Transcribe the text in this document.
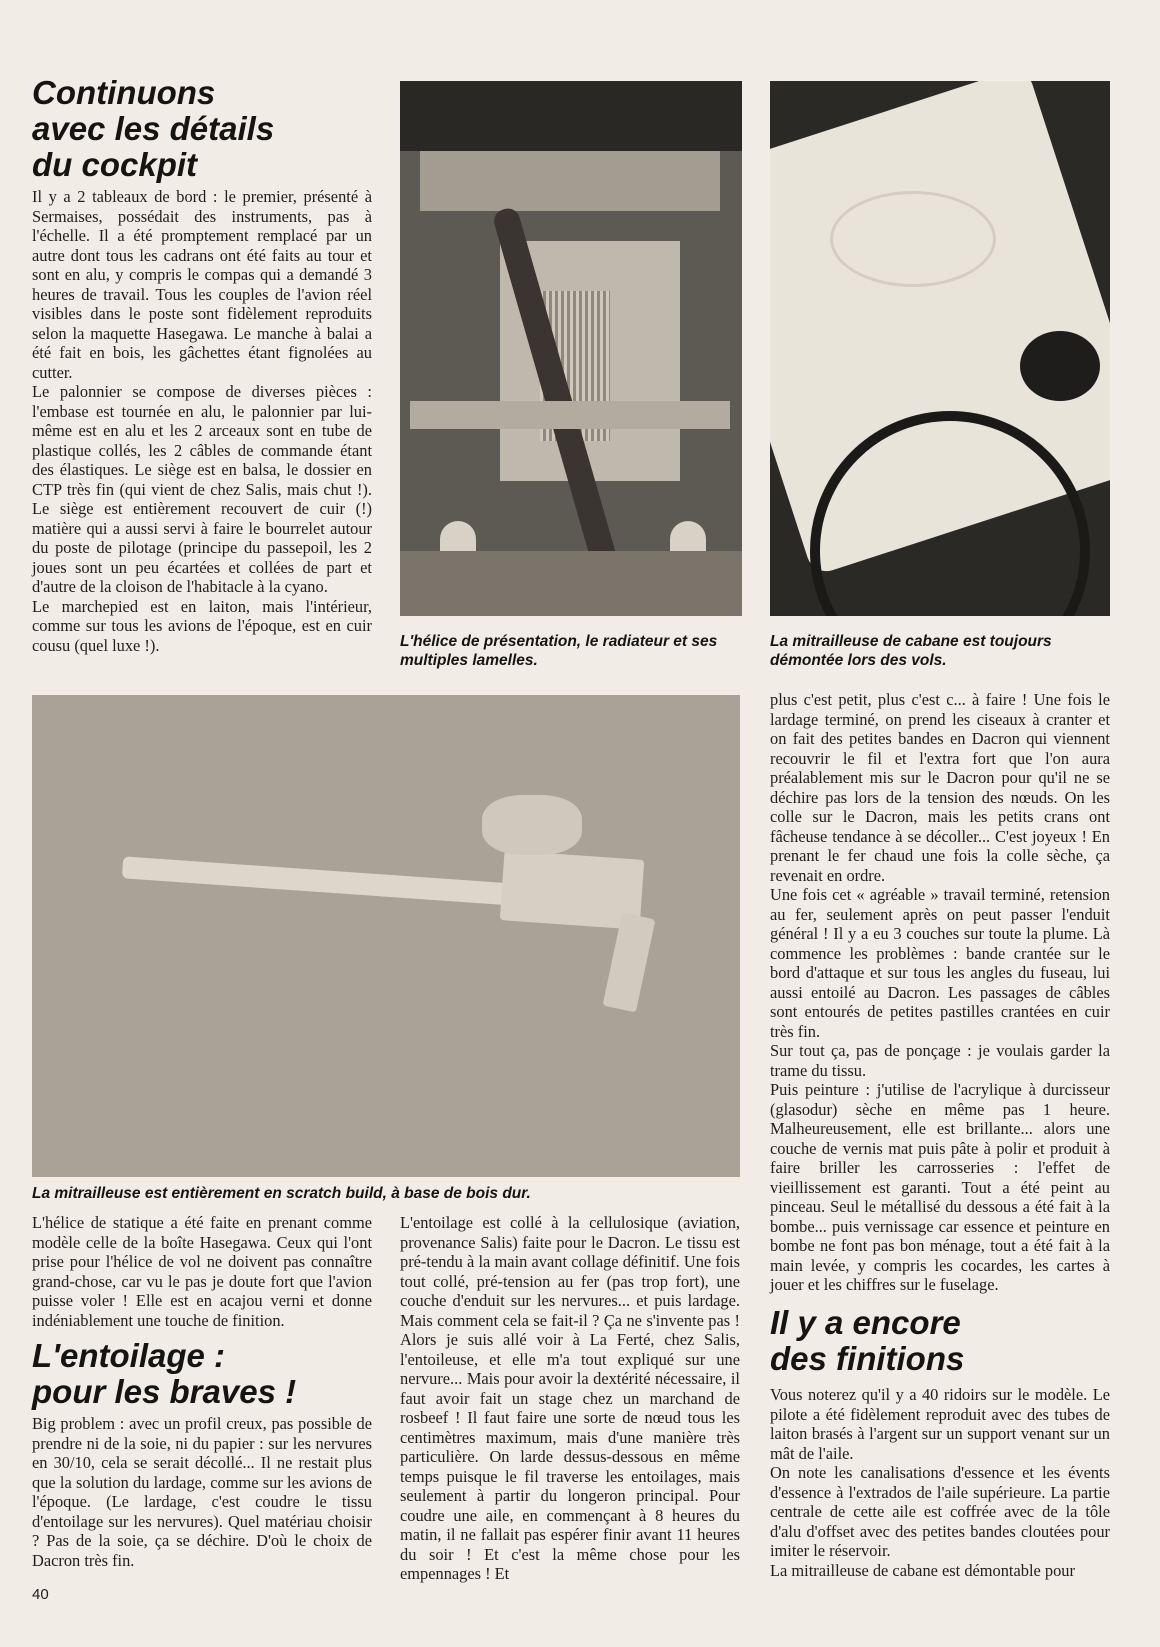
Continuons
avec les détails
du cockpit

Il y a 2 tableaux de bord : le premier, présenté à Sermaises, possédait des instruments, pas à l'échelle. Il a été promptement remplacé par un autre dont tous les cadrans ont été faits au tour et sont en alu, y compris le compas qui a demandé 3 heures de travail. Tous les couples de l'avion réel visibles dans le poste sont fidèlement reproduits selon la maquette Hasegawa. Le manche à balai a été fait en bois, les gâchettes étant fignolées au cutter.

Le palonnier se compose de diverses pièces : l'embase est tournée en alu, le palonnier par lui-même est en alu et les 2 arceaux sont en tube de plastique collés, les 2 câbles de commande étant des élastiques. Le siège est en balsa, le dossier en CTP très fin (qui vient de chez Salis, mais chut !). Le siège est entièrement recouvert de cuir (!) matière qui a aussi servi à faire le bourrelet autour du poste de pilotage (principe du passepoil, les 2 joues sont un peu écartées et collées de part et d'autre de la cloison de l'habitacle à la cyano.

Le marchepied est en laiton, mais l'intérieur, comme sur tous les avions de l'époque, est en cuir cousu (quel luxe !).	L'hélice de présentation, le radiateur et ses multiples lamelles.

La mitrailleuse de cabane est toujours démontée lors des vols.

La mitrailleuse est entièrement en scratch build, à base de bois dur.

plus c'est petit, plus c'est c... à faire ! Une fois le lardage terminé, on prend les ciseaux à cranter et on fait des petites bandes en Dacron qui viennent recouvrir le fil et l'extra fort que l'on aura préalablement mis sur le Dacron pour qu'il ne se déchire pas lors de la tension des nœuds. On les colle sur le Dacron, mais les petits crans ont fâcheuse tendance à se décoller... C'est joyeux ! En prenant le fer chaud une fois la colle sèche, ça revenait en ordre.

Une fois cet « agréable » travail terminé, retension au fer, seulement après on peut passer l'enduit général ! Il y a eu 3 couches sur toute la plume. Là commence les problèmes : bande crantée sur le bord d'attaque et sur tous les angles du fuseau, lui aussi entoilé au Dacron. Les passages de câbles sont entourés de petites pastilles crantées en cuir très fin.

Sur tout ça, pas de ponçage : je voulais garder la trame du tissu.

Puis peinture : j'utilise de l'acrylique à durcisseur (glasodur) sèche en même pas 1 heure. Malheureusement, elle est brillante... alors une couche de vernis mat puis pâte à polir et produit à faire briller les carrosseries : l'effet de vieillissement est garanti. Tout a été peint au pinceau. Seul le métallisé du dessous a été fait à la bombe... puis vernissage car essence et peinture en bombe ne font pas bon ménage, tout a été fait à la main levée, y compris les cocardes, les cartes à jouer et les chiffres sur le fuselage.

L'hélice de statique a été faite en prenant comme modèle celle de la boîte Hasegawa. Ceux qui l'ont prise pour l'hélice de vol ne doivent pas connaître grand-chose, car vu le pas je doute fort que l'avion puisse voler ! Elle est en acajou verni et donne indéniablement une touche de finition.

L'entoilage :
pour les braves !

Big problem : avec un profil creux, pas possible de prendre ni de la soie, ni du papier : sur les nervures en 30/10, cela se serait décollé... Il ne restait plus que la solution du lardage, comme sur les avions de l'époque. (Le lardage, c'est coudre le tissu d'entoilage sur les nervures). Quel matériau choisir ? Pas de la soie, ça se déchire. D'où le choix de Dacron très fin.

L'entoilage est collé à la cellulosique (aviation, provenance Salis) faite pour le Dacron. Le tissu est pré-tendu à la main avant collage définitif. Une fois tout collé, pré-tension au fer (pas trop fort), une couche d'enduit sur les nervures... et puis lardage. Mais comment cela se fait-il ? Ça ne s'invente pas ! Alors je suis allé voir à La Ferté, chez Salis, l'entoileuse, et elle m'a tout expliqué sur une nervure... Mais pour avoir la dextérité nécessaire, il faut avoir fait un stage chez un marchand de rosbeef ! Il faut faire une sorte de nœud tous les centimètres maximum, mais d'une manière très particulière. On larde dessus-dessous en même temps puisque le fil traverse les entoilages, mais seulement à partir du longeron principal. Pour coudre une aile, en commençant à 8 heures du matin, il ne fallait pas espérer finir avant 11 heures du soir ! Et c'est la même chose pour les empennages ! Et

Il y a encore
des finitions

Vous noterez qu'il y a 40 ridoirs sur le modèle. Le pilote a été fidèlement reproduit avec des tubes de laiton brasés à l'argent sur un support venant sur un mât de l'aile.

On note les canalisations d'essence et les évents d'essence à l'extrados de l'aile supérieure. La partie centrale de cette aile est coffrée avec de la tôle d'alu d'offset avec des petites bandes cloutées pour imiter le réservoir.

La mitrailleuse de cabane est démontable pour

40
